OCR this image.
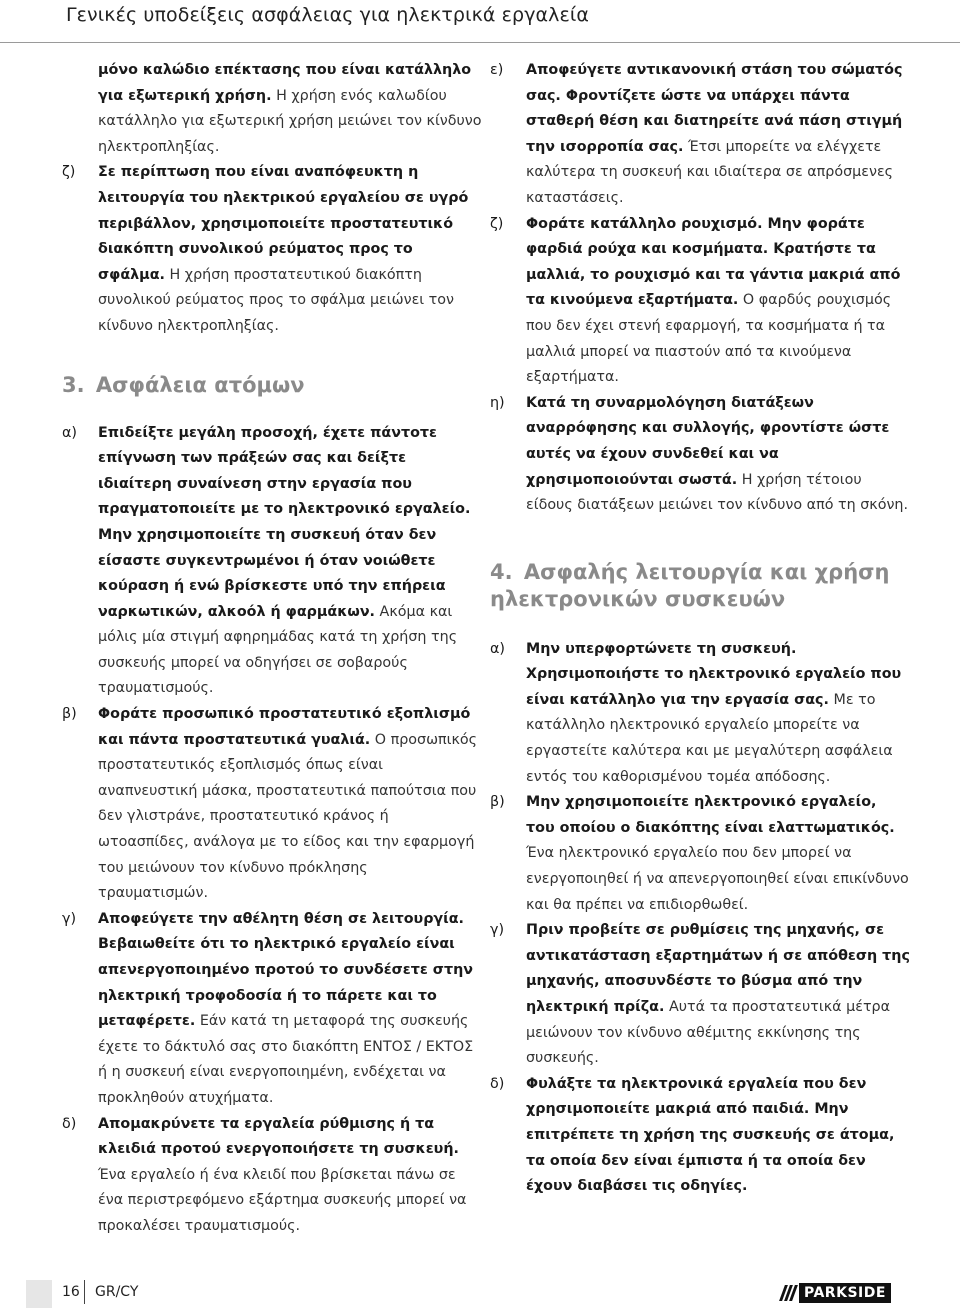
Γενικές υποδείξεις ασφάλειας για ηλεκτρικά εργαλεία
μόνο καλώδιο επέκτασης που είναι κατάλληλο για εξωτερική χρήση. Η χρήση ενός καλωδίου κατάλληλο για εξωτερική χρήση μειώνει τον κίνδυνο ηλεκτροπληξίας.
ζ) Σε περίπτωση που είναι αναπόφευκτη η λειτουργία του ηλεκτρικού εργαλείου σε υγρό περιβάλλον, χρησιμοποιείτε προστατευτικό διακόπτη συνολικού ρεύματος προς το σφάλμα. Η χρήση προστατευτικού διακόπτη συνολικού ρεύματος προς το σφάλμα μειώνει τον κίνδυνο ηλεκτροπληξίας.
3. Ασφάλεια ατόμων
α) Επιδείξτε μεγάλη προσοχή, έχετε πάντοτε επίγνωση των πράξεών σας και δείξτε ιδιαίτερη συναίνεση στην εργασία που πραγματοποιείτε με το ηλεκτρονικό εργαλείο. Μην χρησιμοποιείτε τη συσκευή όταν δεν είσαστε συγκεντρωμένοι ή όταν νοιώθετε κούραση ή ενώ βρίσκεστε υπό την επήρεια ναρκωτικών, αλκοόλ ή φαρμάκων. Ακόμα και μόλις μία στιγμή αφηρημάδας κατά τη χρήση της συσκευής μπορεί να οδηγήσει σε σοβαρούς τραυματισμούς.
β) Φοράτε προσωπικό προστατευτικό εξοπλισμό και πάντα προστατευτικά γυαλιά. Ο προσωπικός προστατευτικός εξοπλισμός όπως είναι αναπνευστική μάσκα, προστατευτικά παπούτσια που δεν γλιστράνε, προστατευτικό κράνος ή ωτοασπίδες, ανάλογα με το είδος και την εφαρμογή του μειώνουν τον κίνδυνο πρόκλησης τραυματισμών.
γ) Αποφεύγετε την αθέλητη θέση σε λειτουργία. Βεβαιωθείτε ότι το ηλεκτρικό εργαλείο είναι απενεργοποιημένο προτού το συνδέσετε στην ηλεκτρική τροφοδοσία ή το πάρετε και το μεταφέρετε. Εάν κατά τη μεταφορά της συσκευής έχετε το δάκτυλό σας στο διακόπτη ΕΝΤΟΣ / ΕΚΤΟΣ ή η συσκευή είναι ενεργοποιημένη, ενδέχεται να προκληθούν ατυχήματα.
δ) Απομακρύνετε τα εργαλεία ρύθμισης ή τα κλειδιά προτού ενεργοποιήσετε τη συσκευή. Ένα εργαλείο ή ένα κλειδί που βρίσκεται πάνω σε ένα περιστρεφόμενο εξάρτημα συσκευής μπορεί να προκαλέσει τραυματισμούς.
ε) Αποφεύγετε αντικανονική στάση του σώματός σας. Φροντίζετε ώστε να υπάρχει πάντα σταθερή θέση και διατηρείτε ανά πάση στιγμή την ισορροπία σας. Έτσι μπορείτε να ελέγχετε καλύτερα τη συσκευή και ιδιαίτερα σε απρόσμενες καταστάσεις.
ζ) Φοράτε κατάλληλο ρουχισμό. Μην φοράτε φαρδιά ρούχα και κοσμήματα. Κρατήστε τα μαλλιά, το ρουχισμό και τα γάντια μακριά από τα κινούμενα εξαρτήματα. Ο φαρδύς ρουχισμός που δεν έχει στενή εφαρμογή, τα κοσμήματα ή τα μαλλιά μπορεί να πιαστούν από τα κινούμενα εξαρτήματα.
η) Κατά τη συναρμολόγηση διατάξεων αναρρόφησης και συλλογής, φροντίστε ώστε αυτές να έχουν συνδεθεί και να χρησιμοποιούνται σωστά. Η χρήση τέτοιου είδους διατάξεων μειώνει τον κίνδυνο από τη σκόνη.
4. Ασφαλής λειτουργία και χρήση ηλεκτρονικών συσκευών
α) Μην υπερφορτώνετε τη συσκευή. Χρησιμοποιήστε το ηλεκτρονικό εργαλείο που είναι κατάλληλο για την εργασία σας. Με το κατάλληλο ηλεκτρονικό εργαλείο μπορείτε να εργαστείτε καλύτερα και με μεγαλύτερη ασφάλεια εντός του καθορισμένου τομέα απόδοσης.
β) Μην χρησιμοποιείτε ηλεκτρονικό εργαλείο, του οποίου ο διακόπτης είναι ελαττωματικός. Ένα ηλεκτρονικό εργαλείο που δεν μπορεί να ενεργοποιηθεί ή να απενεργοποιηθεί είναι επικίνδυνο και θα πρέπει να επιδιορθωθεί.
γ) Πριν προβείτε σε ρυθμίσεις της μηχανής, σε αντικατάσταση εξαρτημάτων ή σε απόθεση της μηχανής, αποσυνδέστε το βύσμα από την ηλεκτρική πρίζα. Αυτά τα προστατευτικά μέτρα μειώνουν τον κίνδυνο αθέμιτης εκκίνησης της συσκευής.
δ) Φυλάξτε τα ηλεκτρονικά εργαλεία που δεν χρησιμοποιείτε μακριά από παιδιά. Μην επιτρέπετε τη χρήση της συσκευής σε άτομα, τα οποία δεν είναι έμπιστα ή τα οποία δεν έχουν διαβάσει τις οδηγίες.
16 GR/CY	PARKSIDE
